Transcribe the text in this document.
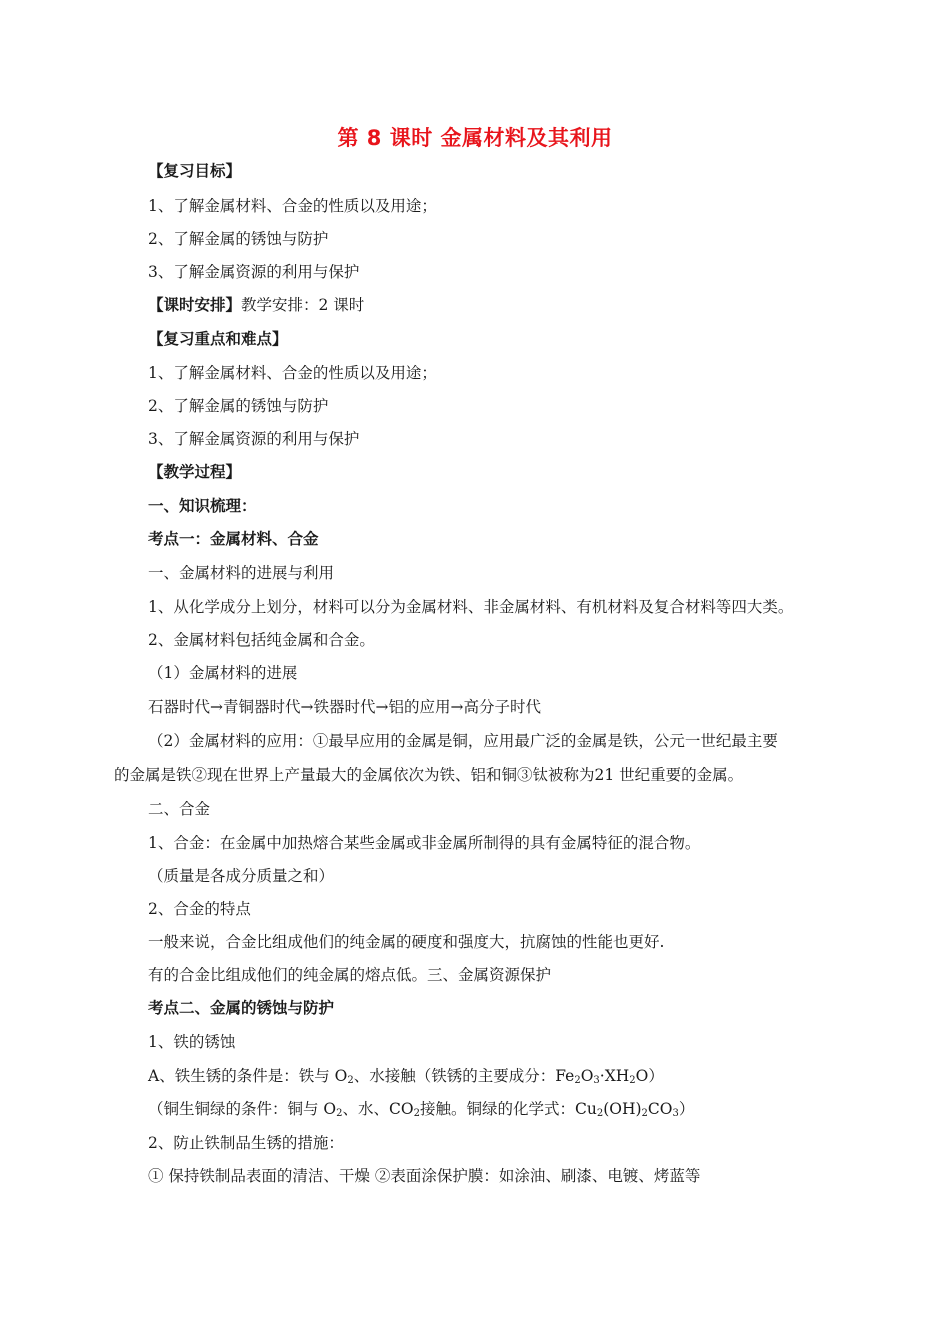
第 8 课时 金属材料及其利用
【复习目标】
1、了解金属材料、合金的性质以及用途；
2、了解金属的锈蚀与防护
3、了解金属资源的利用与保护
【课时安排】教学安排：2 课时
【复习重点和难点】
1、了解金属材料、合金的性质以及用途；
2、了解金属的锈蚀与防护
3、了解金属资源的利用与保护
【教学过程】
一、知识梳理：
考点一：金属材料、合金
一、金属材料的进展与利用
1、从化学成分上划分，材料可以分为金属材料、非金属材料、有机材料及复合材料等四大类。
2、金属材料包括纯金属和合金。
（1）金属材料的进展
石器时代→青铜器时代→铁器时代→铝的应用→高分子时代
（2）金属材料的应用：①最早应用的金属是铜，应用最广泛的金属是铁，公元一世纪最主要
的金属是铁②现在世界上产量最大的金属依次为铁、铝和铜③钛被称为21 世纪重要的金属。
二、合金
1、合金：在金属中加热熔合某些金属或非金属所制得的具有金属特征的混合物。
（质量是各成分质量之和）
2、合金的特点
一般来说，合金比组成他们的纯金属的硬度和强度大，抗腐蚀的性能也更好.
有的合金比组成他们的纯金属的熔点低。三、金属资源保护
考点二、金属的锈蚀与防护
1、铁的锈蚀
A、铁生锈的条件是：铁与 $O_2$、水接触（铁锈的主要成分：$Fe_2O_3\cdot XH_2O$）
（铜生铜绿的条件：铜与 $O_2$、水、$CO_2$接触。铜绿的化学式：$Cu_2(OH)_2CO_3$）
2、防止铁制品生锈的措施：
① 保持铁制品表面的清洁、干燥 ②表面涂保护膜：如涂油、刷漆、电镀、烤蓝等
